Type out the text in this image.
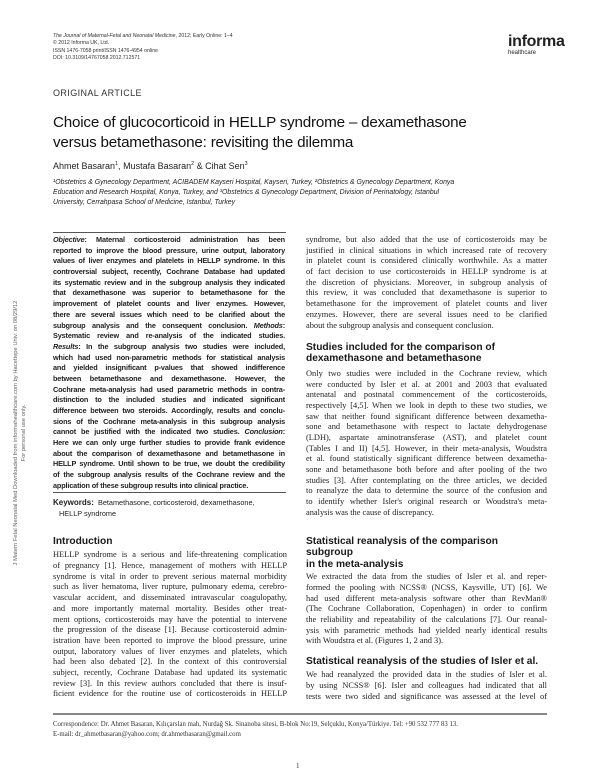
The Journal of Maternal-Fetal and Neonatal Medicine, 2012; Early Online: 1–4
© 2012 Informa UK, Ltd.
ISSN 1476-7058 print/ISSN 1476-4954 online
DOI: 10.3109/14767058.2012.712571
informa
healthcare
J Matern Fetal Neonatal Med Downloaded from informahealthcare.com by Hacettepe Univ. on 08/29/12 For personal use only.
ORIGINAL ARTICLE
Choice of glucocorticoid in HELLP syndrome – dexamethasone
versus betamethasone: revisiting the dilemma
Ahmet Basaran$^1$, Mustafa Basaran$^2$ & Cihat Sen$^3$
¹Obstetrics & Gynecology Department, ACIBADEM Kayseri Hospital, Kayseri, Turkey, ²Obstetrics & Gynecology Department, Konya
Education and Research Hospital, Konya, Turkey, and ³Obstetrics & Gynecology Department, Division of Perinatology, Istanbul
University, Cerrahpasa School of Medicine, Istanbul, Turkey
Objective: Maternal corticosteroid administration has been
reported to improve the blood pressure, urine output, laboratory
values of liver enzymes and platelets in HELLP syndrome. In this
controversial subject, recently, Cochrane Database had updated
its systematic review and in the subgroup analysis they indicated
that dexamethasone was superior to betamethasone for the
improvement of platelet counts and liver enzymes. However,
there are several issues which need to be clarified about the
subgroup analysis and the consequent conclusion. Methods:
Systematic review and re-analysis of the indicated studies.
Results: In the subgroup analysis two studies were included,
which had used non-parametric methods for statistical analysis
and yielded insignificant p-values that showed indifference
between betamethasone and dexamethasone. However, the
Cochrane meta-analysis had used parametric methods in contra-
distinction to the included studies and indicated significant
difference between two steroids. Accordingly, results and conclu-
sions of the Cochrane meta-analysis in this subgroup analysis
cannot be justified with the indicated two studies. Conclusion:
Here we can only urge further studies to provide frank evidence
about the comparison of dexamethasone and betamethasone in
HELLP syndrome. Until shown to be true, we doubt the credibility
of the subgroup analysis results of the Cochrane review and the
application of these subgroup results into clinical practice.
Keywords: Betamethasone, corticosteroid, dexamethasone,
HELLP syndrome
Introduction
HELLP syndrome is a serious and life-threatening complication
of pregnancy [1]. Hence, management of mothers with HELLP
syndrome is vital in order to prevent serious maternal morbidity
such as liver hematoma, liver rupture, pulmonary edema, cerebro-
vascular accident, and disseminated intravascular coagulopathy,
and more importantly maternal mortality. Besides other treat-
ment options, corticosteroids may have the potential to intervene
the progression of the disease [1]. Because corticosteroid admin-
istration have been reported to improve the blood pressure, urine
output, laboratory values of liver enzymes and platelets, which
had been also debated [2]. In the context of this controversial
subject, recently, Cochrane Database had updated its systematic
review [3]. In this review authors concluded that there is insuf-
ficient evidence for the routine use of corticosteroids in HELLP
syndrome, but also added that the use of corticosteroids may be
justified in clinical situations in which increased rate of recovery
in platelet count is considered clinically worthwhile. As a matter
of fact decision to use corticosteroids in HELLP syndrome is at
the discretion of physicians. Moreover, in subgroup analysis of
this review, it was concluded that dexamethasone is superior to
betamethasone for the improvement of platelet counts and liver
enzymes. However, there are several issues need to be clarified
about the subgroup analysis and consequent conclusion.
Studies included for the comparison of
dexamethasone and betamethasone
Only two studies were included in the Cochrane review, which
were conducted by Isler et al. at 2001 and 2003 that evaluated
antenatal and postnatal commencement of the corticosteroids,
respectively [4,5]. When we look in depth to these two studies, we
saw that neither found significant difference between dexametha-
sone and betamethasone with respect to lactate dehydrogenase
(LDH), aspartate aminotransferase (AST), and platelet count
(Tables I and II) [4,5]. However, in their meta-analysis, Woudstra
et al. found statistically significant difference between dexametha-
sone and betamethasone both before and after pooling of the two
studies [3]. After contemplating on the three articles, we decided
to reanalyze the data to determine the source of the confusion and
to identify whether Isler's original research or Woudstra's meta-
analysis was the cause of discrepancy.
Statistical reanalysis of the comparison subgroup
in the meta-analysis
We extracted the data from the studies of Isler et al. and reper-
formed the pooling with NCSS® (NCSS, Kaysville, UT) [6]. We
had used different meta-analysis software other than RevMan®
(The Cochrane Collaboration, Copenhagen) in order to confirm
the reliability and repeatability of the calculations [7]. Our reanal-
ysis with parametric methods had yielded nearly identical results
with Woudstra et al. (Figures 1, 2 and 3).
Statistical reanalysis of the studies of Isler et al.
We had reanalyzed the provided data in the studies of Isler et al.
by using NCSS® [6]. Isler and colleagues had indicated that all
tests were two sided and significance was assessed at the level of
Correspondence: Dr. Ahmet Basaran, Kılıçarslan mah, Nurdağ Sk. Sinanoba sitesi, B-blok No:19, Selçuklu, Konya/Türkiye. Tel: +90 532 777 83 13.
E-mail: dr_ahmetbasaran@yahoo.com; dr.ahmetbasaran@gmail.com
1
